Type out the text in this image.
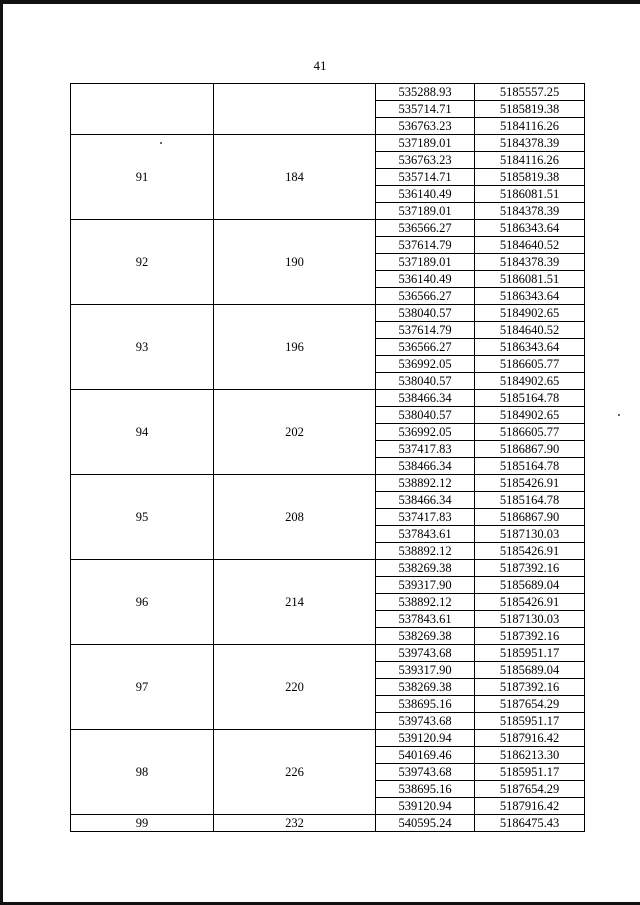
41
		535288.93	5185557.25
		535714.71	5185819.38
		536763.23	5184116.26
91	184	537189.01	5184378.39
		536763.23	5184116.26
		535714.71	5185819.38
		536140.49	5186081.51
		537189.01	5184378.39
92	190	536566.27	5186343.64
		537614.79	5184640.52
		537189.01	5184378.39
		536140.49	5186081.51
		536566.27	5186343.64
93	196	538040.57	5184902.65
		537614.79	5184640.52
		536566.27	5186343.64
		536992.05	5186605.77
		538040.57	5184902.65
94	202	538466.34	5185164.78
		538040.57	5184902.65
		536992.05	5186605.77
		537417.83	5186867.90
		538466.34	5185164.78
95	208	538892.12	5185426.91
		538466.34	5185164.78
		537417.83	5186867.90
		537843.61	5187130.03
		538892.12	5185426.91
96	214	538269.38	5187392.16
		539317.90	5185689.04
		538892.12	5185426.91
		537843.61	5187130.03
		538269.38	5187392.16
97	220	539743.68	5185951.17
		539317.90	5185689.04
		538269.38	5187392.16
		538695.16	5187654.29
		539743.68	5185951.17
98	226	539120.94	5187916.42
		540169.46	5186213.30
		539743.68	5185951.17
		538695.16	5187654.29
		539120.94	5187916.42
99	232	540595.24	5186475.43
